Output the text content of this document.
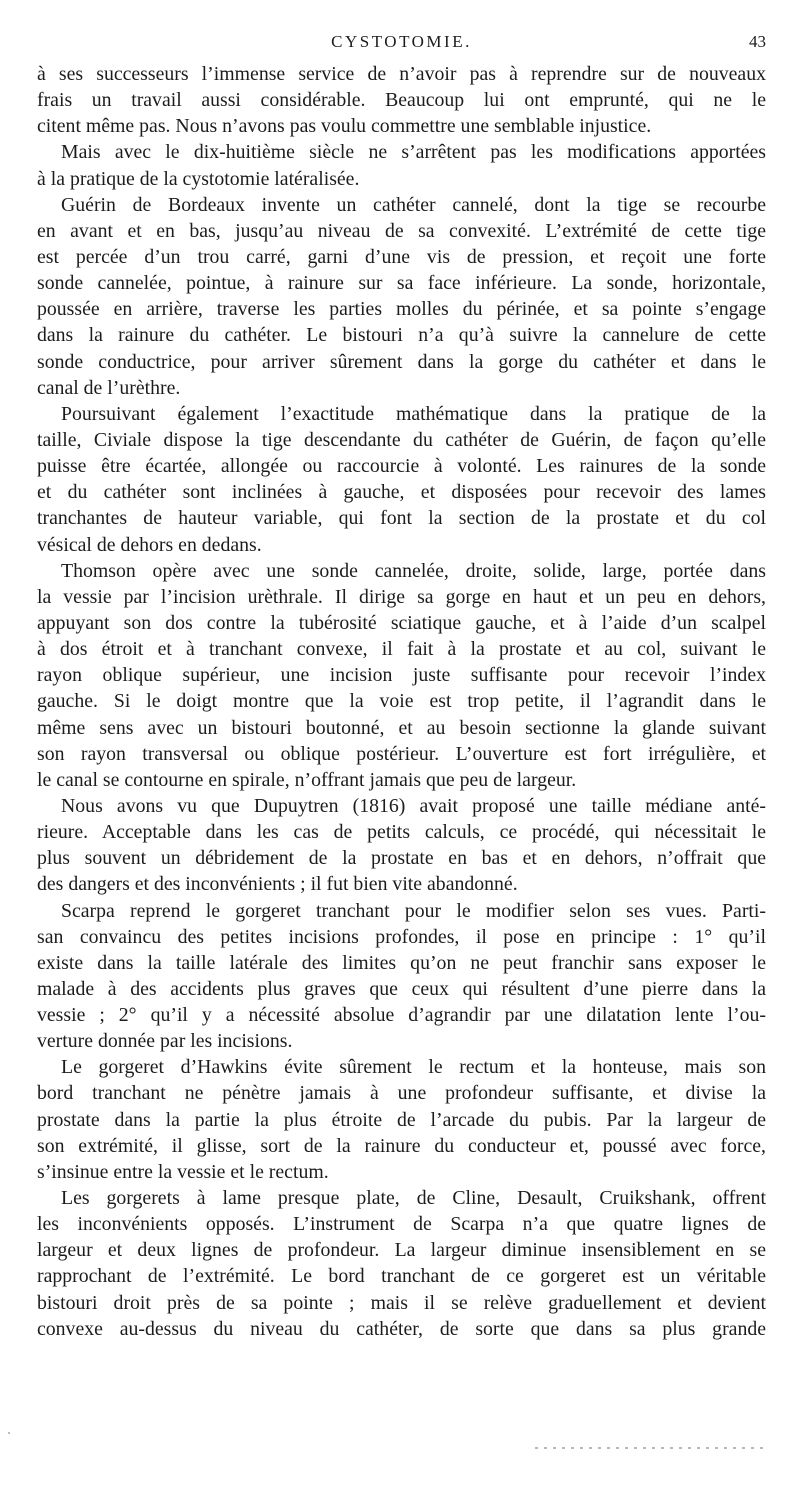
CYSTOTOMIE.	43
à ses successeurs l’immense service de n’avoir pas à reprendre sur de nouveaux
frais un travail aussi considérable. Beaucoup lui ont emprunté, qui ne le
citent même pas. Nous n’avons pas voulu commettre une semblable injustice.
Mais avec le dix-huitième siècle ne s’arrêtent pas les modifications apportées
à la pratique de la cystotomie latéralisée.
Guérin de Bordeaux invente un cathéter cannelé, dont la tige se recourbe
en avant et en bas, jusqu’au niveau de sa convexité. L’extrémité de cette tige
est percée d’un trou carré, garni d’une vis de pression, et reçoit une forte
sonde cannelée, pointue, à rainure sur sa face inférieure. La sonde, horizontale,
poussée en arrière, traverse les parties molles du périnée, et sa pointe s’engage
dans la rainure du cathéter. Le bistouri n’a qu’à suivre la cannelure de cette
sonde conductrice, pour arriver sûrement dans la gorge du cathéter et dans le
canal de l’urèthre.
Poursuivant également l’exactitude mathématique dans la pratique de la
taille, Civiale dispose la tige descendante du cathéter de Guérin, de façon qu’elle
puisse être écartée, allongée ou raccourcie à volonté. Les rainures de la sonde
et du cathéter sont inclinées à gauche, et disposées pour recevoir des lames
tranchantes de hauteur variable, qui font la section de la prostate et du col
vésical de dehors en dedans.
Thomson opère avec une sonde cannelée, droite, solide, large, portée dans
la vessie par l’incision urèthrale. Il dirige sa gorge en haut et un peu en dehors,
appuyant son dos contre la tubérosité sciatique gauche, et à l’aide d’un scalpel
à dos étroit et à tranchant convexe, il fait à la prostate et au col, suivant le
rayon oblique supérieur, une incision juste suffisante pour recevoir l’index
gauche. Si le doigt montre que la voie est trop petite, il l’agrandit dans le
même sens avec un bistouri boutonné, et au besoin sectionne la glande suivant
son rayon transversal ou oblique postérieur. L’ouverture est fort irrégulière, et
le canal se contourne en spirale, n’offrant jamais que peu de largeur.
Nous avons vu que Dupuytren (1816) avait proposé une taille médiane anté-
rieure. Acceptable dans les cas de petits calculs, ce procédé, qui nécessitait le
plus souvent un débridement de la prostate en bas et en dehors, n’offrait que
des dangers et des inconvénients ; il fut bien vite abandonné.
Scarpa reprend le gorgeret tranchant pour le modifier selon ses vues. Parti-
san convaincu des petites incisions profondes, il pose en principe : 1° qu’il
existe dans la taille latérale des limites qu’on ne peut franchir sans exposer le
malade à des accidents plus graves que ceux qui résultent d’une pierre dans la
vessie ; 2° qu’il y a nécessité absolue d’agrandir par une dilatation lente l’ou-
verture donnée par les incisions.
Le gorgeret d’Hawkins évite sûrement le rectum et la honteuse, mais son
bord tranchant ne pénètre jamais à une profondeur suffisante, et divise la
prostate dans la partie la plus étroite de l’arcade du pubis. Par la largeur de
son extrémité, il glisse, sort de la rainure du conducteur et, poussé avec force,
s’insinue entre la vessie et le rectum.
Les gorgerets à lame presque plate, de Cline, Desault, Cruikshank, offrent
les inconvénients opposés. L’instrument de Scarpa n’a que quatre lignes de
largeur et deux lignes de profondeur. La largeur diminue insensiblement en se
rapprochant de l’extrémité. Le bord tranchant de ce gorgeret est un véritable
bistouri droit près de sa pointe ; mais il se relève graduellement et devient
convexe au-dessus du niveau du cathéter, de sorte que dans sa plus grande
